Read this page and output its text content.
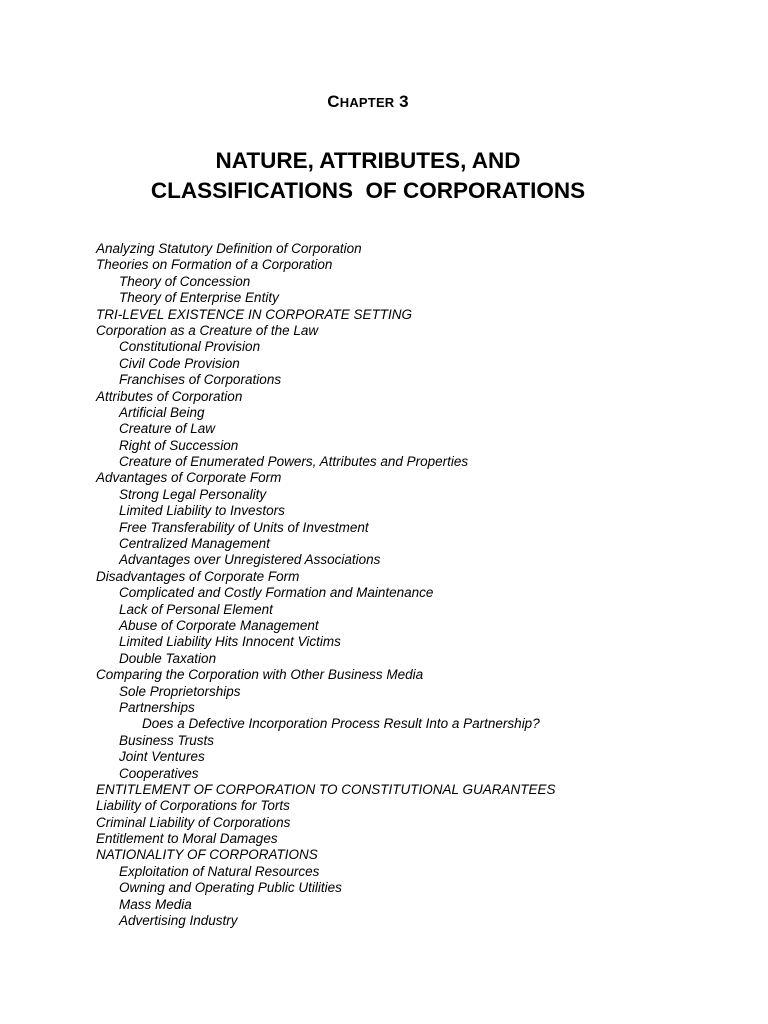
CHAPTER 3
NATURE, ATTRIBUTES, AND
CLASSIFICATIONS  OF CORPORATIONS
Analyzing Statutory Definition of Corporation
Theories on Formation of a Corporation
Theory of Concession
Theory of Enterprise Entity
TRI-LEVEL EXISTENCE IN CORPORATE SETTING
Corporation as a Creature of the Law
Constitutional Provision
Civil Code Provision
Franchises of Corporations
Attributes of Corporation
Artificial Being
Creature of Law
Right of Succession
Creature of Enumerated Powers, Attributes and Properties
Advantages of Corporate Form
Strong Legal Personality
Limited Liability to Investors
Free Transferability of Units of Investment
Centralized Management
Advantages over Unregistered Associations
Disadvantages of Corporate Form
Complicated and Costly Formation and Maintenance
Lack of Personal Element
Abuse of Corporate Management
Limited Liability Hits Innocent Victims
Double Taxation
Comparing the Corporation with Other Business Media
Sole Proprietorships
Partnerships
Does a Defective Incorporation Process Result Into a Partnership?
Business Trusts
Joint Ventures
Cooperatives
ENTITLEMENT OF CORPORATION TO CONSTITUTIONAL GUARANTEES
Liability of Corporations for Torts
Criminal Liability of Corporations
Entitlement to Moral Damages
NATIONALITY OF CORPORATIONS
Exploitation of Natural Resources
Owning and Operating Public Utilities
Mass Media
Advertising Industry
